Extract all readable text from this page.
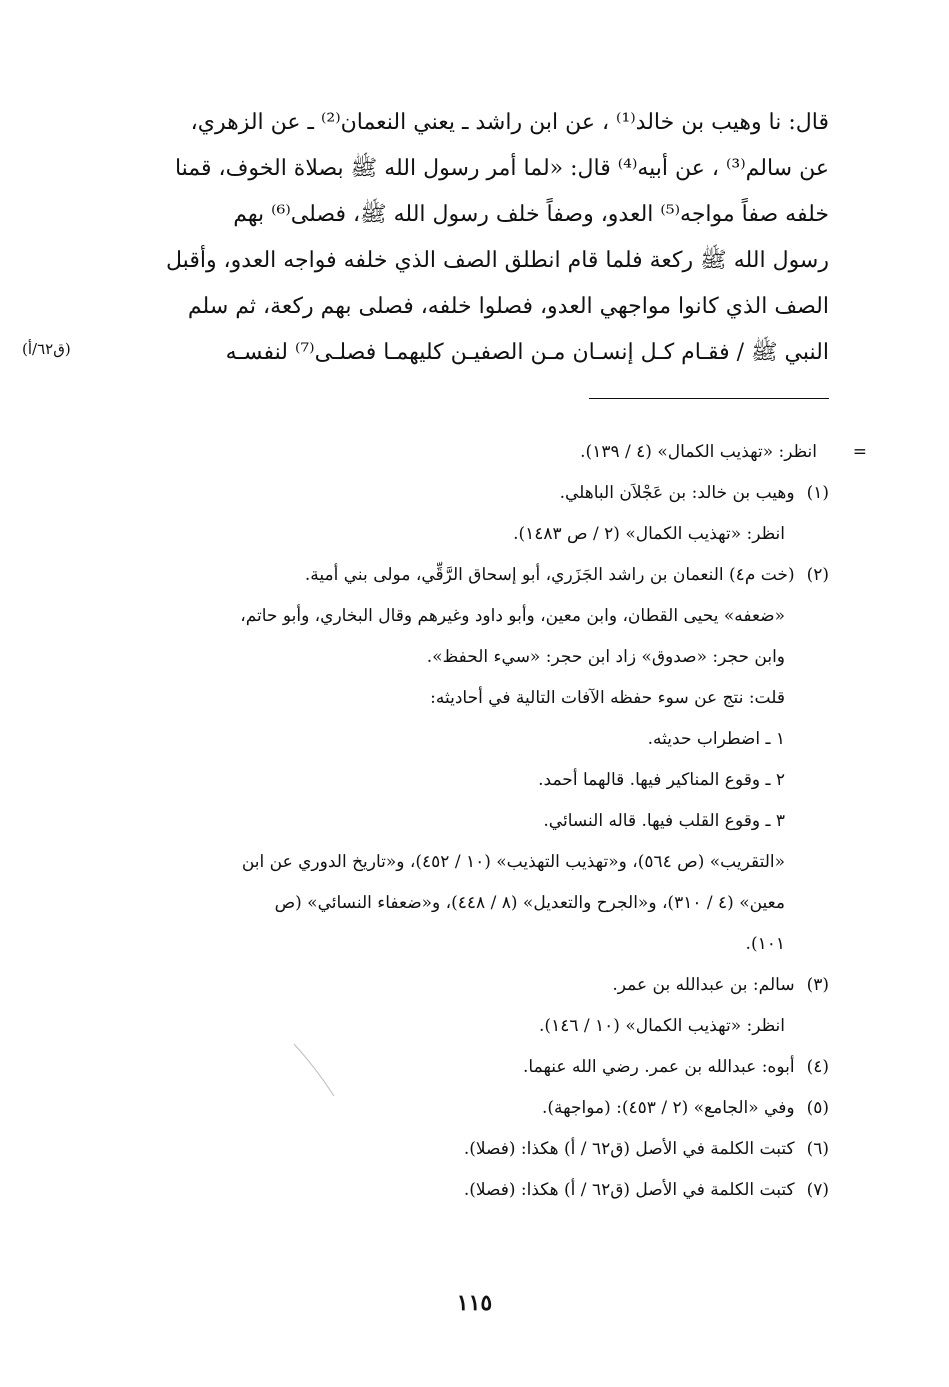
قال: نا وهيب بن خالد⁽¹⁾ ، عن ابن راشد ـ يعني النعمان⁽²⁾ ـ عن الزهري،
عن سالم⁽³⁾ ، عن أبيه⁽⁴⁾ قال: «لما أمر رسول الله ﷺ بصلاة الخوف، قمنا
خلفه صفاً مواجه⁽⁵⁾ العدو، وصفاً خلف رسول الله ﷺ، فصلى⁽⁶⁾ بهم
رسول الله ﷺ ركعة فلما قام انطلق الصف الذي خلفه فواجه العدو، وأقبل
الصف الذي كانوا مواجهي العدو، فصلوا خلفه، فصلى بهم ركعة، ثم سلم
النبي ﷺ / فقـام كـل إنسـان مـن الصفيـن كليهمـا فصلـى⁽⁷⁾ لنفسـه
(ق٦٢/أ)
=
انظر: «تهذيب الكمال» (٤ / ١٣٩).
(١)وهيب بن خالد: بن عَجْلاَن الباهلي.
انظر: «تهذيب الكمال» (٢ / ص ١٤٨٣).
(٢)(خت م٤) النعمان بن راشد الجَزَري، أبو إسحاق الرَّقِّي، مولى بني أمية.
«ضعفه» يحيى القطان، وابن معين، وأبو داود وغيرهم وقال البخاري، وأبو حاتم،
وابن حجر: «صدوق» زاد ابن حجر: «سيء الحفظ».
قلت: نتج عن سوء حفظه الآفات التالية في أحاديثه:
١ ـ اضطراب حديثه.
٢ ـ وقوع المناكير فيها. قالهما أحمد.
٣ ـ وقوع القلب فيها. قاله النسائي.
«التقريب» (ص ٥٦٤)، و«تهذيب التهذيب» (١٠ / ٤٥٢)، و«تاريخ الدوري عن ابن
معين» (٤ / ٣١٠)، و«الجرح والتعديل» (٨ / ٤٤٨)، و«ضعفاء النسائي» (ص
١٠١).
(٣)سالم: بن عبدالله بن عمر.
انظر: «تهذيب الكمال» (١٠ / ١٤٦).
(٤)أبوه: عبدالله بن عمر. رضي الله عنهما.
(٥)وفي «الجامع» (٢ / ٤٥٣): (مواجهة).
(٦)كتبت الكلمة في الأصل (ق٦٢ / أ) هكذا: (فصلا).
(٧)كتبت الكلمة في الأصل (ق٦٢ / أ) هكذا: (فصلا).
١١٥
